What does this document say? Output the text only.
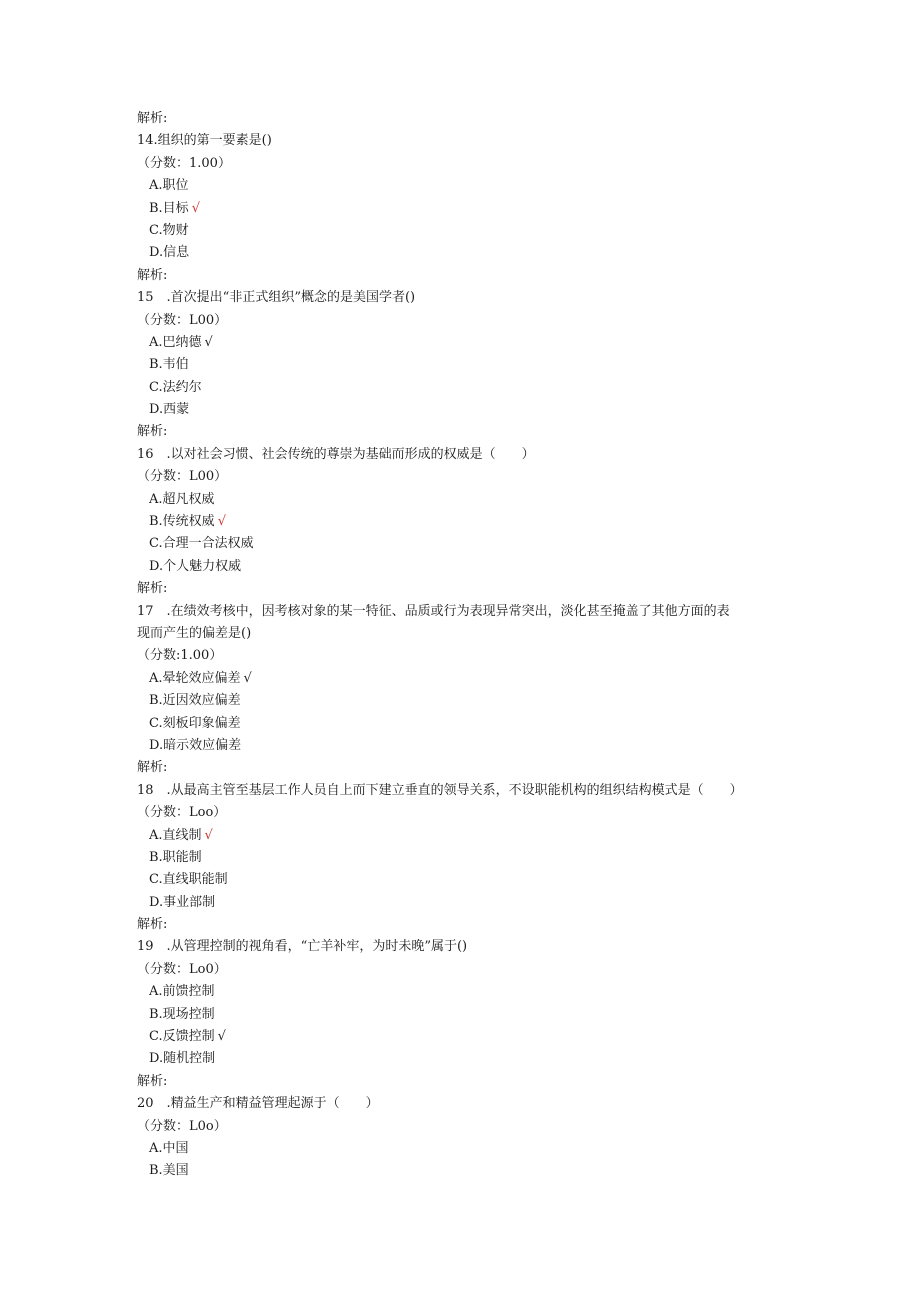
解析:
14.组织的第一要素是()
（分数：1.00）
A.职位
B.目标 √
C.物财
D.信息
解析:
15　.首次提出“非正式组织”概念的是美国学者()
（分数：L00）
A.巴纳德 √
B.韦伯
C.法约尔
D.西蒙
解析:
16　.以对社会习惯、社会传统的尊崇为基础而形成的权威是（　　）
（分数：L00）
A.超凡权威
B.传统权威 √
C.合理一合法权威
D.个人魅力权威
解析:
17　.在绩效考核中，因考核对象的某一特征、品质或行为表现异常突出，淡化甚至掩盖了其他方面的表
现而产生的偏差是()
（分数:1.00）
A.晕轮效应偏差 √
B.近因效应偏差
C.刻板印象偏差
D.暗示效应偏差
解析:
18　.从最高主管至基层工作人员自上而下建立垂直的领导关系，不设职能机构的组织结构模式是（　　）
（分数：Loo）
A.直线制 √
B.职能制
C.直线职能制
D.事业部制
解析:
19　.从管理控制的视角看，“亡羊补牢，为时未晚”属于()
（分数：Lo0）
A.前馈控制
B.现场控制
C.反馈控制 √
D.随机控制
解析:
20　.精益生产和精益管理起源于（　　）
（分数：L0o）
A.中国
B.美国
